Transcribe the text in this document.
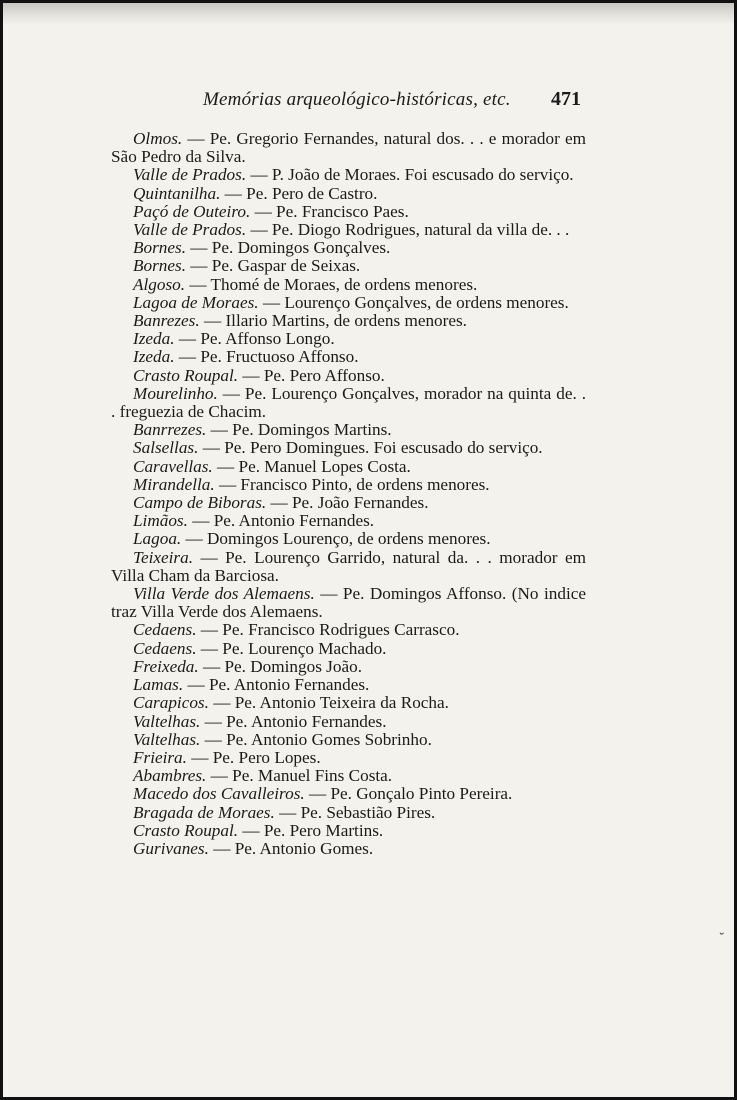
Memórias arqueológico-históricas, etc. 471

Olmos. — Pe. Gregorio Fernandes, natural dos. . . e morador em São Pedro da Silva.

Valle de Prados. — P. João de Moraes. Foi escusado do serviço.

Quintanilha. — Pe. Pero de Castro.

Paçó de Outeiro. — Pe. Francisco Paes.

Valle de Prados. — Pe. Diogo Rodrigues, natural da villa de. . .

Bornes. — Pe. Domingos Gonçalves.

Bornes. — Pe. Gaspar de Seixas.

Algoso. — Thomé de Moraes, de ordens menores.

Lagoa de Moraes. — Lourenço Gonçalves, de ordens menores.

Banrezes. — Illario Martins, de ordens menores.

Izeda. — Pe. Affonso Longo.

Izeda. — Pe. Fructuoso Affonso.

Crasto Roupal. — Pe. Pero Affonso.

Mourelinho. — Pe. Lourenço Gonçalves, morador na quinta de. . . freguezia de Chacim.

Banrrezes. — Pe. Domingos Martins.

Salsellas. — Pe. Pero Domingues. Foi escusado do serviço.

Caravellas. — Pe. Manuel Lopes Costa.

Mirandella. — Francisco Pinto, de ordens menores.

Campo de Biboras. — Pe. João Fernandes.

Limãos. — Pe. Antonio Fernandes.

Lagoa. — Domingos Lourenço, de ordens menores.

Teixeira. — Pe. Lourenço Garrido, natural da. . . morador em Villa Cham da Barciosa.

Villa Verde dos Alemaens. — Pe. Domingos Affonso. (No indice traz Villa Verde dos Alemaens.

Cedaens. — Pe. Francisco Rodrigues Carrasco.

Cedaens. — Pe. Lourenço Machado.

Freixeda. — Pe. Domingos João.

Lamas. — Pe. Antonio Fernandes.

Carapicos. — Pe. Antonio Teixeira da Rocha.

Valtelhas. — Pe. Antonio Fernandes.

Valtelhas. — Pe. Antonio Gomes Sobrinho.

Frieira. — Pe. Pero Lopes.

Abambres. — Pe. Manuel Fins Costa.

Macedo dos Cavalleiros. — Pe. Gonçalo Pinto Pereira.

Bragada de Moraes. — Pe. Sebastião Pires.

Crasto Roupal. — Pe. Pero Martins.

Gurivanes. — Pe. Antonio Gomes.

˘
